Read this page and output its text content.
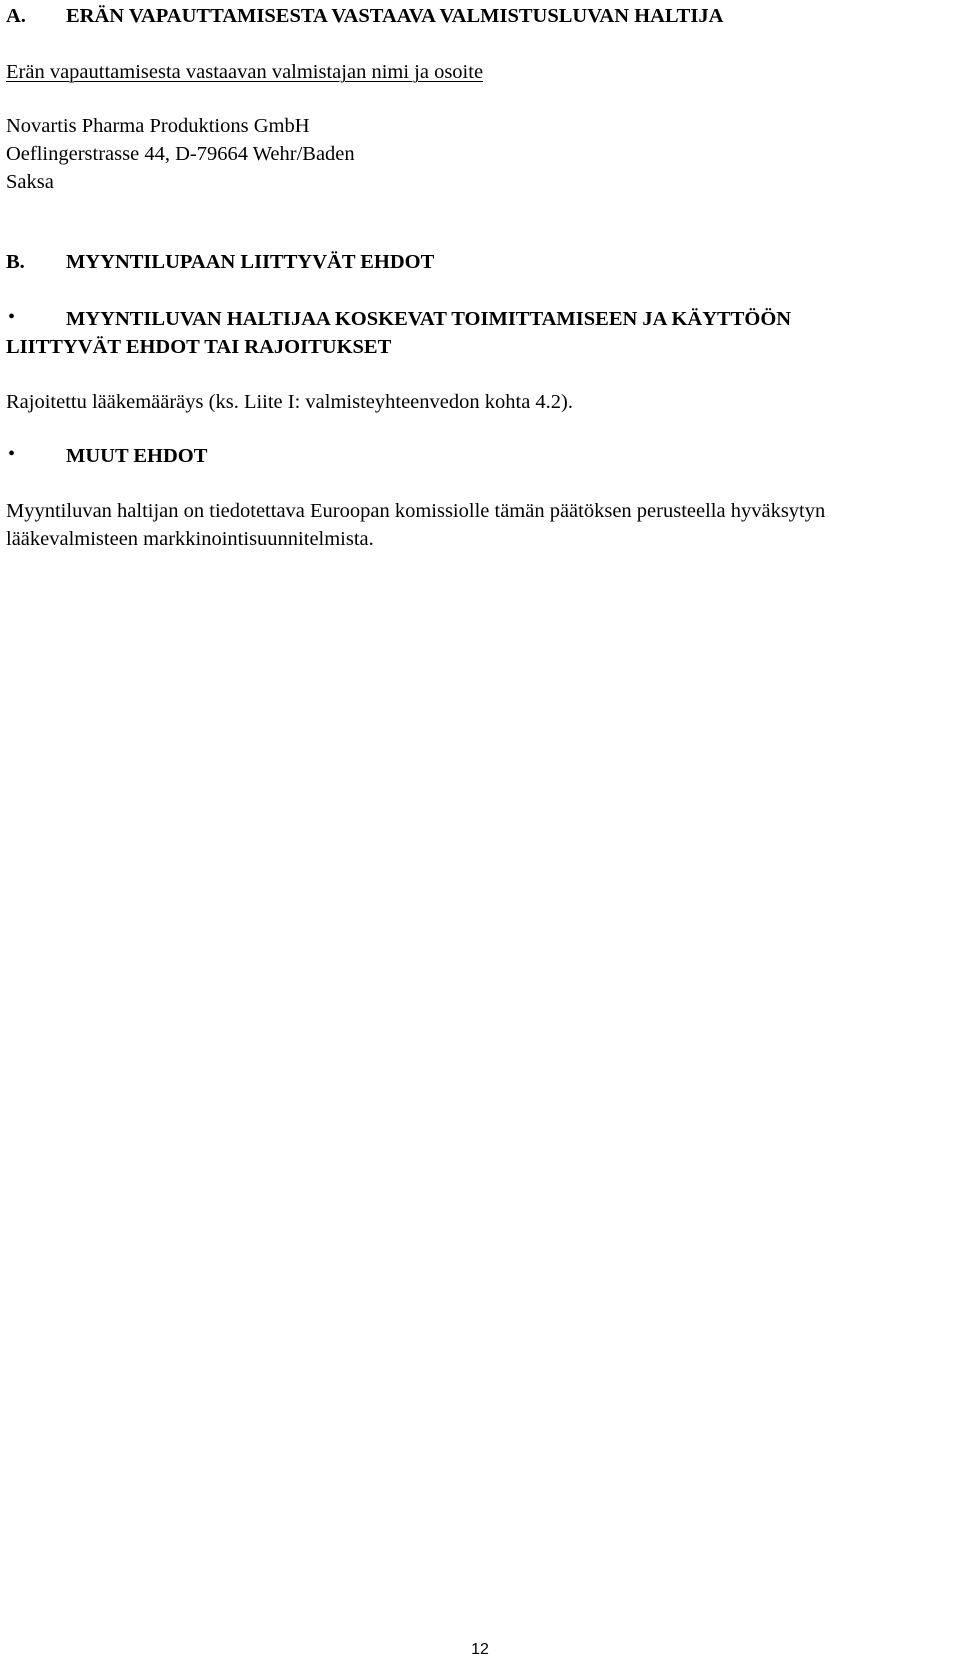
A. ERÄN VAPAUTTAMISESTA VASTAAVA VALMISTUSLUVAN HALTIJA
Erän vapauttamisesta vastaavan valmistajan nimi ja osoite
Novartis Pharma Produktions GmbH
Oeflingerstrasse 44, D-79664 Wehr/Baden
Saksa
B. MYYNTILUPAAN LIITTYVÄT EHDOT
• MYYNTILUVAN HALTIJAA KOSKEVAT TOIMITTAMISEEN JA KÄYTTÖÖN
LIITTYVÄT EHDOT TAI RAJOITUKSET
Rajoitettu lääkemääräys (ks. Liite I: valmisteyhteenvedon kohta 4.2).
• MUUT EHDOT
Myyntiluvan haltijan on tiedotettava Euroopan komissiolle tämän päätöksen perusteella hyväksytyn
lääkevalmisteen markkinointisuunnitelmista.
12
